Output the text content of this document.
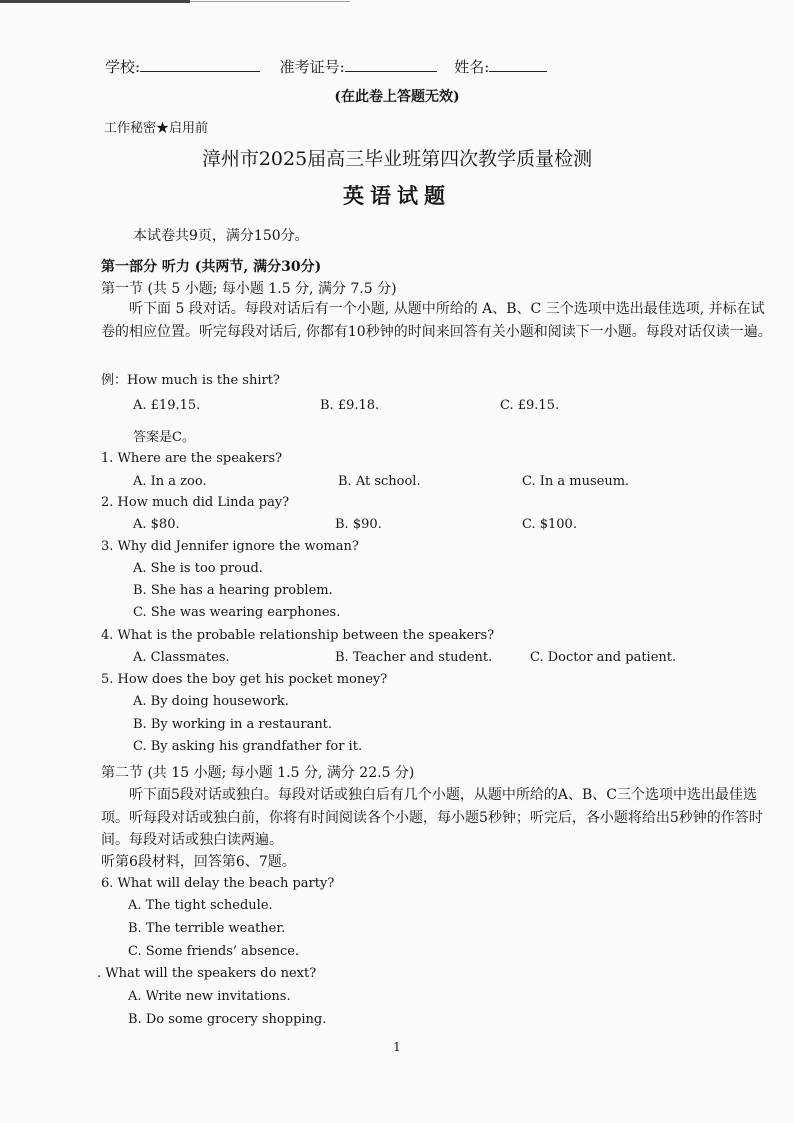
学校:	准考证号:	姓名:
(在此卷上答题无效)
工作秘密★启用前
漳州市2025届高三毕业班第四次教学质量检测
英语试题
本试卷共9页，满分150分。
第一部分 听力 (共两节, 满分30分)
第一节 (共 5 小题; 每小题 1.5 分, 满分 7.5 分)
听下面 5 段对话。每段对话后有一个小题, 从题中所给的 A、B、C 三个选项中选出最佳选项, 并标在试卷的相应位置。听完每段对话后, 你都有10秒钟的时间来回答有关小题和阅读下一小题。每段对话仅读一遍。
例：How much is the shirt?
A. £19.15.	B. £9.18.	C. £9.15.
答案是C。
1. Where are the speakers?
A. In a zoo.	B. At school.	C. In a museum.
2. How much did Linda pay?
A. $80.	B. $90.	C. $100.
3. Why did Jennifer ignore the woman?
A. She is too proud.
B. She has a hearing problem.
C. She was wearing earphones.
4. What is the probable relationship between the speakers?
A. Classmates.	B. Teacher and student.	C. Doctor and patient.
5. How does the boy get his pocket money?
A. By doing housework.
B. By working in a restaurant.
C. By asking his grandfather for it.
第二节 (共 15 小题; 每小题 1.5 分, 满分 22.5 分)
听下面5段对话或独白。每段对话或独白后有几个小题，从题中所给的A、B、C三个选项中选出最佳选项。听每段对话或独白前，你将有时间阅读各个小题，每小题5秒钟；听完后，各小题将给出5秒钟的作答时间。每段对话或独白读两遍。
听第6段材料，回答第6、7题。
6. What will delay the beach party?
A. The tight schedule.
B. The terrible weather.
C. Some friends’ absence.
. What will the speakers do next?
A. Write new invitations.
B. Do some grocery shopping.
1
